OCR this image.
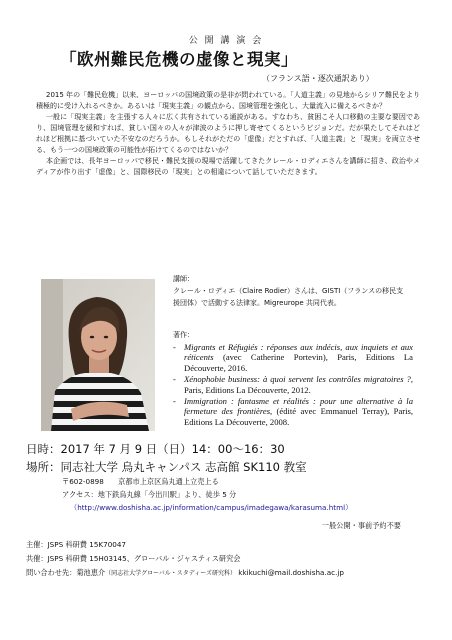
公 開 講 演 会
「欧州難民危機の虚像と現実」
（フランス語・逐次通訳あり）

2015 年の「難民危機」以来、ヨーロッパの国境政策の是非が問われている。「人道主義」の見地からシリア難民をより積極的に受け入れるべきか。あるいは「現実主義」の観点から、国境管理を強化し、大量流入に備えるべきか？

一般に「現実主義」を主張する人々に広く共有されている通説がある。すなわち、貧困こそ人口移動の主要な要因であり、国境管理を緩和すれば、貧しい国々の人々が津波のように押し寄せてくるというビジョンだ。だが果たしてそれはどれほど根拠に基づいていた不安なのだろうか。もしそれがただの「虚像」だとすれば、「人道主義」と「現実」を両立させる、もう一つの国境政策の可能性が拓けてくるのではないか？

本企画では、長年ヨーロッパで移民・難民支援の現場で活躍してきたクレール・ロディエさんを講師に招き、政治やメディアが作り出す「虚像」と、国際移民の「現実」との相違について話していただきます。

講師：
クレール・ロディエ（Claire Rodier）さんは、GISTI（フランスの移民支援団体）で活動する法律家。Migreurope 共同代表。
著作：
- Migrants et Réfugiés : réponses aux indécis, aux inquiets et aux réticents (avec Catherine Portevin), Paris, Editions La Découverte, 2016.
- Xénophobie business: à quoi servent les contrôles migratoires ?, Paris, Editions La Découverte, 2012.
- Immigration : fantasme et réalités : pour une alternative à la fermeture des frontières, (édité avec Emmanuel Terray), Paris, Editions La Découverte, 2008.
日時：2017 年 7 月 9 日（日）14：00～16：30
場所：同志社大学 烏丸キャンパス 志高館 SK110 教室
〒602-0898　　京都市上京区烏丸通上立売上る
アクセス：地下鉄烏丸線「今出川駅」より、徒歩 5 分
（http://www.doshisha.ac.jp/information/campus/imadegawa/karasuma.html）
一般公開・事前予約不要
主催：JSPS 科研費 15K70047
共催：JSPS 科研費 15H03145、グローバル・ジャスティス研究会
問い合わせ先：菊池恵介（同志社大学グローバル・スタディーズ研究科） kkikuchi@mail.doshisha.ac.jp
